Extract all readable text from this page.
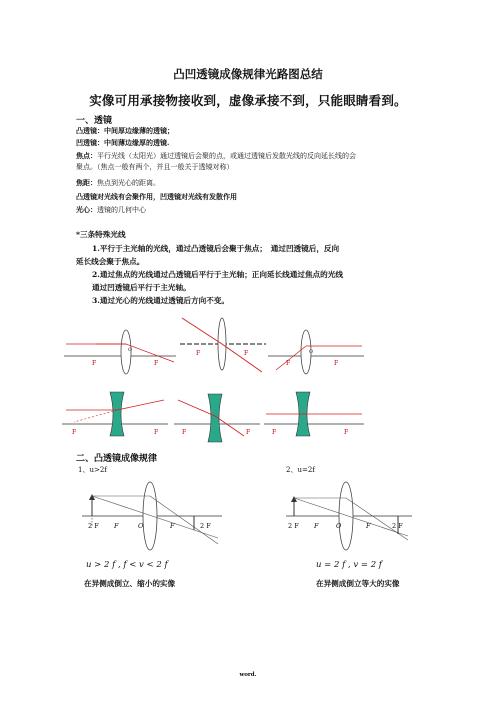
凸凹透镜成像规律光路图总结
实像可用承接物接收到，虚像承接不到，只能眼睛看到。
一、透镜
凸透镜：中间厚边缘薄的透镜；
凹透镜：中间薄边缘厚的透镜.
焦点：平行光线（太阳光）通过透镜后会聚的点，或通过透镜后发散光线的反向延长线的会
聚点。（焦点一般有两个，并且一般关于透镜对称）
焦距：焦点到光心的距离。
凸透镜对光线有会聚作用，凹透镜对光线有发散作用
光心：透镜的几何中心
*三条特殊光线
1.平行于主光轴的光线，通过凸透镜后会聚于焦点；　通过凹透镜后，反向
延长线会聚于焦点。
2.通过焦点的光线通过凸透镜后平行于主光轴；正向延长线通过焦点的光线
通过凹透镜后平行于主光轴。
3.通过光心的光线通过透镜后方向不变。
F	F
O	F	F
F	F
O
F	F	F	F	F	F
二、凸透镜成像规律
1、u>2f	2、u=2f
2 F F	O	F	2 F	2 F F	O	F	2 F
u > 2 f , f < v < 2 f	u = 2 f , v = 2 f
在异侧成倒立、缩小的实像	在异侧成倒立等大的实像
word.
